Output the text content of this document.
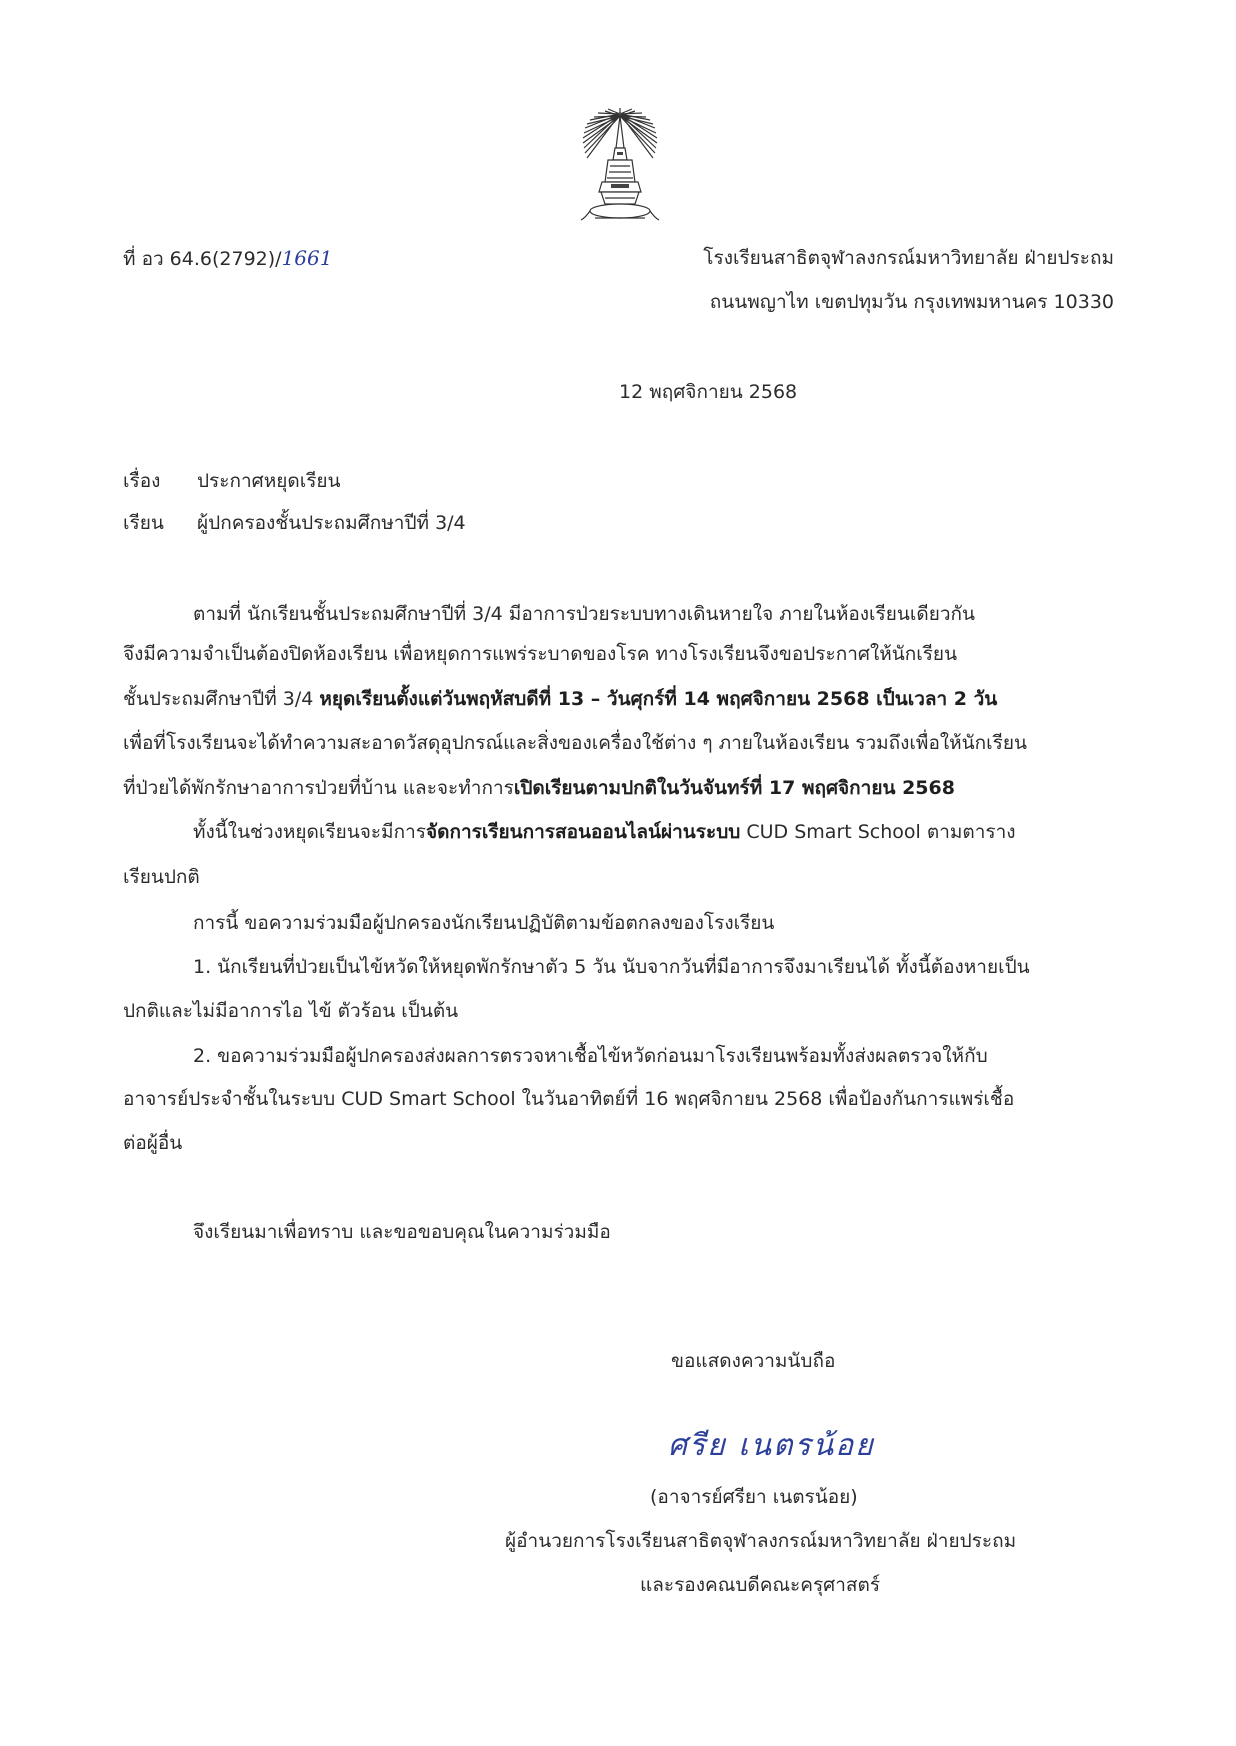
ที่ อว 64.6(2792)/1661	โรงเรียนสาธิตจุฬาลงกรณ์มหาวิทยาลัย ฝ่ายประถม
ถนนพญาไท เขตปทุมวัน กรุงเทพมหานคร 10330
12 พฤศจิกายน 2568
เรื่อง ประกาศหยุดเรียน
เรียน ผู้ปกครองชั้นประถมศึกษาปีที่ 3/4
ตามที่ นักเรียนชั้นประถมศึกษาปีที่ 3/4 มีอาการป่วยระบบทางเดินหายใจ ภายในห้องเรียนเดียวกัน
จึงมีความจำเป็นต้องปิดห้องเรียน เพื่อหยุดการแพร่ระบาดของโรค ทางโรงเรียนจึงขอประกาศให้นักเรียน
ชั้นประถมศึกษาปีที่ 3/4 หยุดเรียนตั้งแต่วันพฤหัสบดีที่ 13 – วันศุกร์ที่ 14 พฤศจิกายน 2568 เป็นเวลา 2 วัน
เพื่อที่โรงเรียนจะได้ทำความสะอาดวัสดุอุปกรณ์และสิ่งของเครื่องใช้ต่าง ๆ ภายในห้องเรียน รวมถึงเพื่อให้นักเรียน
ที่ป่วยได้พักรักษาอาการป่วยที่บ้าน และจะทำการเปิดเรียนตามปกติในวันจันทร์ที่ 17 พฤศจิกายน 2568
ทั้งนี้ในช่วงหยุดเรียนจะมีการจัดการเรียนการสอนออนไลน์ผ่านระบบ CUD Smart School ตามตาราง
เรียนปกติ
การนี้ ขอความร่วมมือผู้ปกครองนักเรียนปฏิบัติตามข้อตกลงของโรงเรียน
1. นักเรียนที่ป่วยเป็นไข้หวัดให้หยุดพักรักษาตัว 5 วัน นับจากวันที่มีอาการจึงมาเรียนได้ ทั้งนี้ต้องหายเป็น
ปกติและไม่มีอาการไอ ไข้ ตัวร้อน เป็นต้น
2. ขอความร่วมมือผู้ปกครองส่งผลการตรวจหาเชื้อไข้หวัดก่อนมาโรงเรียนพร้อมทั้งส่งผลตรวจให้กับ
อาจารย์ประจำชั้นในระบบ CUD Smart School ในวันอาทิตย์ที่ 16 พฤศจิกายน 2568 เพื่อป้องกันการแพร่เชื้อ
ต่อผู้อื่น
จึงเรียนมาเพื่อทราบ และขอขอบคุณในความร่วมมือ
ขอแสดงความนับถือ
ศรีย เนตรน้อย
(อาจารย์ศรียา เนตรน้อย)
ผู้อำนวยการโรงเรียนสาธิตจุฬาลงกรณ์มหาวิทยาลัย ฝ่ายประถม
และรองคณบดีคณะครุศาสตร์
